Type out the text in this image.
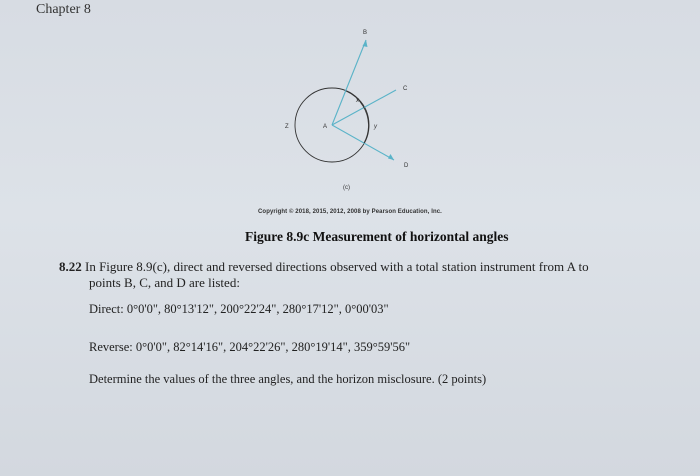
Chapter 8
B
C
D
A
Z
x
y
(c)
Copyright © 2018, 2015, 2012, 2008 by Pearson Education, Inc.
Figure 8.9c Measurement of horizontal angles
8.22 In Figure 8.9(c), direct and reversed directions observed with a total station instrument from A to
points B, C, and D are listed:
Direct: 0°0'0", 80°13'12", 200°22'24", 280°17'12", 0°00'03"
Reverse: 0°0'0", 82°14'16", 204°22'26", 280°19'14", 359°59'56"
Determine the values of the three angles, and the horizon misclosure. (2 points)
